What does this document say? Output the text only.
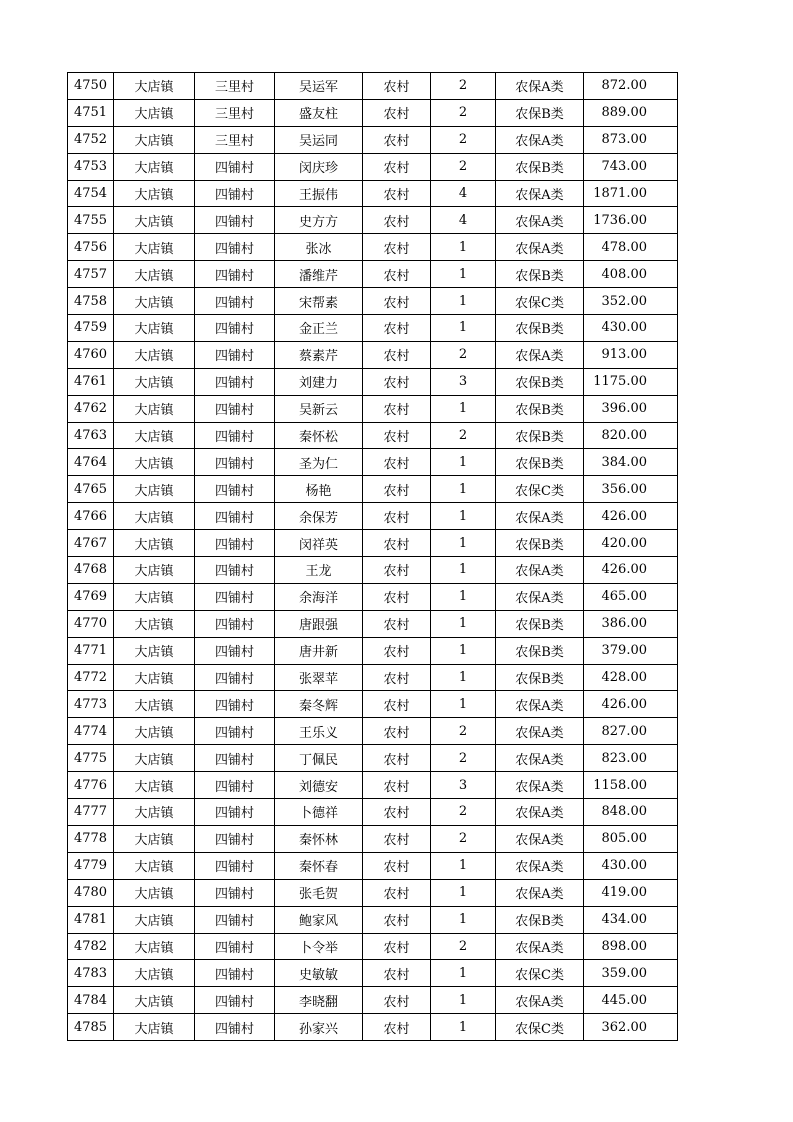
4750	大店镇	三里村	吴运军	农村	2	农保A类	872.00
4751	大店镇	三里村	盛友柱	农村	2	农保B类	889.00
4752	大店镇	三里村	吴运同	农村	2	农保A类	873.00
4753	大店镇	四铺村	闵庆珍	农村	2	农保B类	743.00
4754	大店镇	四铺村	王振伟	农村	4	农保A类	1871.00
4755	大店镇	四铺村	史方方	农村	4	农保A类	1736.00
4756	大店镇	四铺村	张冰	农村	1	农保A类	478.00
4757	大店镇	四铺村	潘维芹	农村	1	农保B类	408.00
4758	大店镇	四铺村	宋帮素	农村	1	农保C类	352.00
4759	大店镇	四铺村	金正兰	农村	1	农保B类	430.00
4760	大店镇	四铺村	蔡素芹	农村	2	农保A类	913.00
4761	大店镇	四铺村	刘建力	农村	3	农保B类	1175.00
4762	大店镇	四铺村	吴新云	农村	1	农保B类	396.00
4763	大店镇	四铺村	秦怀松	农村	2	农保B类	820.00
4764	大店镇	四铺村	圣为仁	农村	1	农保B类	384.00
4765	大店镇	四铺村	杨艳	农村	1	农保C类	356.00
4766	大店镇	四铺村	余保芳	农村	1	农保A类	426.00
4767	大店镇	四铺村	闵祥英	农村	1	农保B类	420.00
4768	大店镇	四铺村	王龙	农村	1	农保A类	426.00
4769	大店镇	四铺村	余海洋	农村	1	农保A类	465.00
4770	大店镇	四铺村	唐跟强	农村	1	农保B类	386.00
4771	大店镇	四铺村	唐井新	农村	1	农保B类	379.00
4772	大店镇	四铺村	张翠苹	农村	1	农保B类	428.00
4773	大店镇	四铺村	秦冬辉	农村	1	农保A类	426.00
4774	大店镇	四铺村	王乐义	农村	2	农保A类	827.00
4775	大店镇	四铺村	丁佩民	农村	2	农保A类	823.00
4776	大店镇	四铺村	刘德安	农村	3	农保A类	1158.00
4777	大店镇	四铺村	卜德祥	农村	2	农保A类	848.00
4778	大店镇	四铺村	秦怀林	农村	2	农保A类	805.00
4779	大店镇	四铺村	秦怀春	农村	1	农保A类	430.00
4780	大店镇	四铺村	张毛贺	农村	1	农保A类	419.00
4781	大店镇	四铺村	鲍家风	农村	1	农保B类	434.00
4782	大店镇	四铺村	卜令举	农村	2	农保A类	898.00
4783	大店镇	四铺村	史敏敏	农村	1	农保C类	359.00
4784	大店镇	四铺村	李晓翻	农村	1	农保A类	445.00
4785	大店镇	四铺村	孙家兴	农村	1	农保C类	362.00
